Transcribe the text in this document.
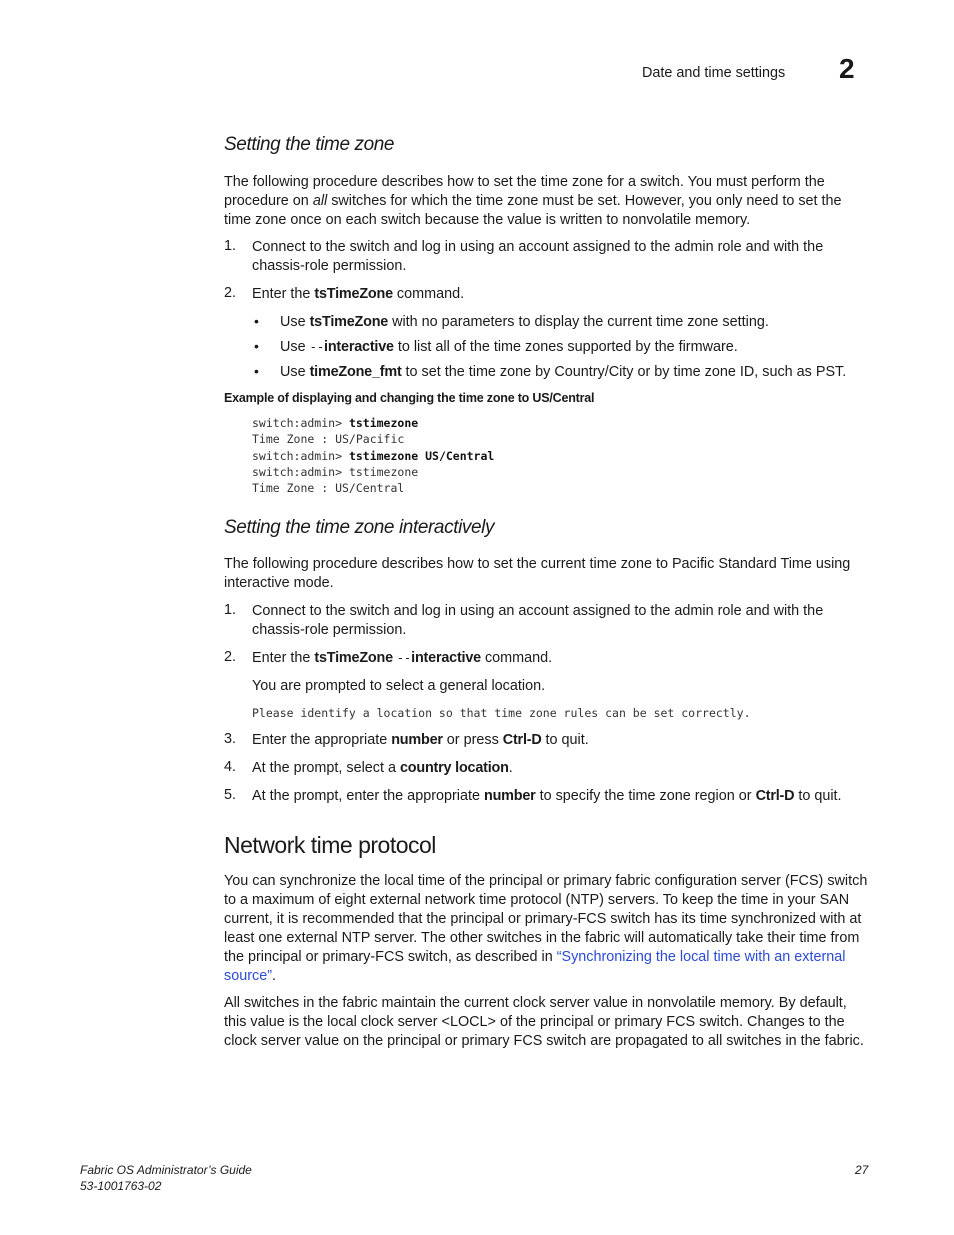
Date and time settings 2
Setting the time zone

The following procedure describes how to set the time zone for a switch. You must perform the procedure on all switches for which the time zone must be set. However, you only need to set the time zone once on each switch because the value is written to nonvolatile memory.

1. Connect to the switch and log in using an account assigned to the admin role and with the chassis-role permission.
2. Enter the tsTimeZone command.
• Use tsTimeZone with no parameters to display the current time zone setting.
• Use --interactive to list all of the time zones supported by the firmware.
• Use timeZone_fmt to set the time zone by Country/City or by time zone ID, such as PST.
Example of displaying and changing the time zone to US/Central
switch:admin> tstimezone
Time Zone : US/Pacific
switch:admin> tstimezone US/Central
switch:admin> tstimezone
Time Zone : US/Central
Setting the time zone interactively

The following procedure describes how to set the current time zone to Pacific Standard Time using interactive mode.

1. Connect to the switch and log in using an account assigned to the admin role and with the chassis-role permission.
2. Enter the tsTimeZone --interactive command.
You are prompted to select a general location.
Please identify a location so that time zone rules can be set correctly.
3. Enter the appropriate number or press Ctrl-D to quit.
4. At the prompt, select a country location.
5. At the prompt, enter the appropriate number to specify the time zone region or Ctrl-D to quit.
Network time protocol

You can synchronize the local time of the principal or primary fabric configuration server (FCS) switch to a maximum of eight external network time protocol (NTP) servers. To keep the time in your SAN current, it is recommended that the principal or primary-FCS switch has its time synchronized with at least one external NTP server. The other switches in the fabric will automatically take their time from the principal or primary-FCS switch, as described in “Synchronizing the local time with an external source”.

All switches in the fabric maintain the current clock server value in nonvolatile memory. By default, this value is the local clock server <LOCL> of the principal or primary FCS switch. Changes to the clock server value on the principal or primary FCS switch are propagated to all switches in the fabric.

Fabric OS Administrator’s Guide
53-1001763-02
27
